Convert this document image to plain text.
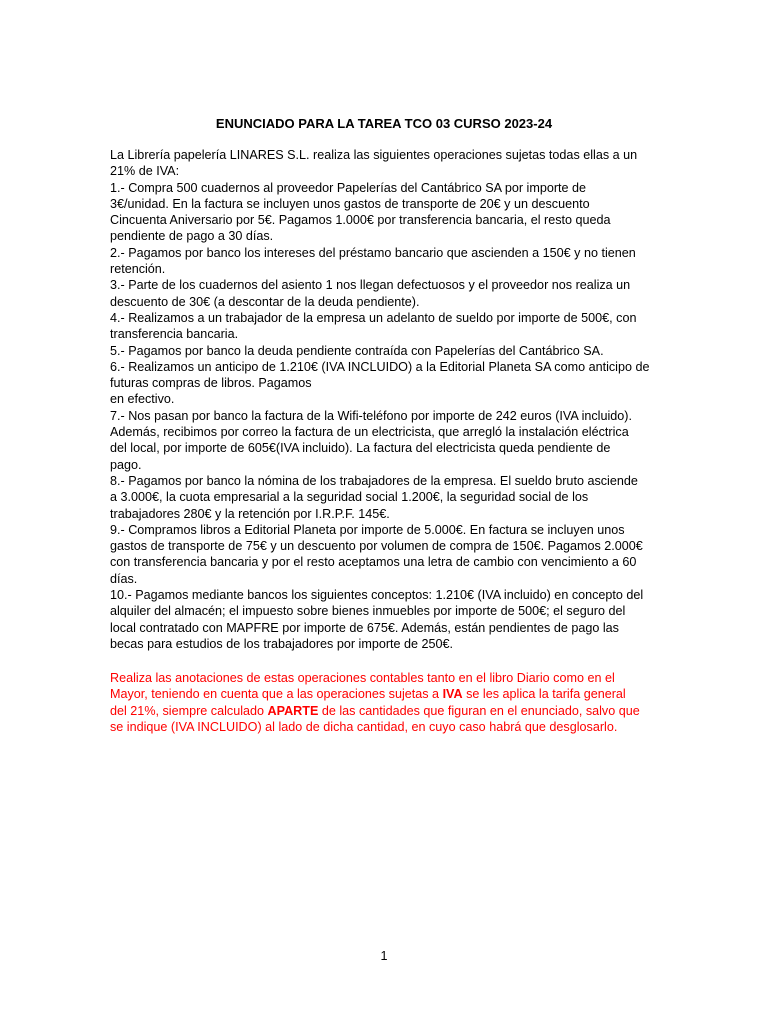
ENUNCIADO PARA LA TAREA TCO 03 CURSO 2023-24

La Librería papelería LINARES S.L. realiza las siguientes operaciones sujetas todas ellas a un

21% de IVA:

1.- Compra 500 cuadernos al proveedor Papelerías del Cantábrico SA por importe de

3€/unidad. En la factura se incluyen unos gastos de transporte de 20€ y un descuento

Cincuenta Aniversario por 5€. Pagamos 1.000€ por transferencia bancaria, el resto queda

pendiente de pago a 30 días.

2.- Pagamos por banco los intereses del préstamo bancario que ascienden a 150€ y no tienen

retención.

3.- Parte de los cuadernos del asiento 1 nos llegan defectuosos y el proveedor nos realiza un

descuento de 30€ (a descontar de la deuda pendiente).

4.- Realizamos a un trabajador de la empresa un adelanto de sueldo por importe de 500€, con

transferencia bancaria.

5.- Pagamos por banco la deuda pendiente contraída con Papelerías del Cantábrico SA.

6.- Realizamos un anticipo de 1.210€ (IVA INCLUIDO) a la Editorial Planeta SA como anticipo de

futuras compras de libros. Pagamos

en efectivo.

7.- Nos pasan por banco la factura de la Wifi-teléfono por importe de 242 euros (IVA incluido).

Además, recibimos por correo la factura de un electricista, que arregló la instalación eléctrica

del local, por importe de 605€(IVA incluido). La factura del electricista queda pendiente de

pago.

8.- Pagamos por banco la nómina de los trabajadores de la empresa. El sueldo bruto asciende

a 3.000€, la cuota empresarial a la seguridad social 1.200€, la seguridad social de los

trabajadores 280€ y la retención por I.R.P.F. 145€.

9.- Compramos libros a Editorial Planeta por importe de 5.000€. En factura se incluyen unos

gastos de transporte de 75€ y un descuento por volumen de compra de 150€. Pagamos 2.000€

con transferencia bancaria y por el resto aceptamos una letra de cambio con vencimiento a 60

días.

10.- Pagamos mediante bancos los siguientes conceptos: 1.210€ (IVA incluido) en concepto del

alquiler del almacén; el impuesto sobre bienes inmuebles por importe de 500€; el seguro del

local contratado con MAPFRE por importe de 675€. Además, están pendientes de pago las

becas para estudios de los trabajadores por importe de 250€.

Realiza las anotaciones de estas operaciones contables tanto en el libro Diario como en el

Mayor, teniendo en cuenta que a las operaciones sujetas a IVA se les aplica la tarifa general

del 21%, siempre calculado APARTE de las cantidades que figuran en el enunciado, salvo que

se indique (IVA INCLUIDO) al lado de dicha cantidad, en cuyo caso habrá que desglosarlo.

1
